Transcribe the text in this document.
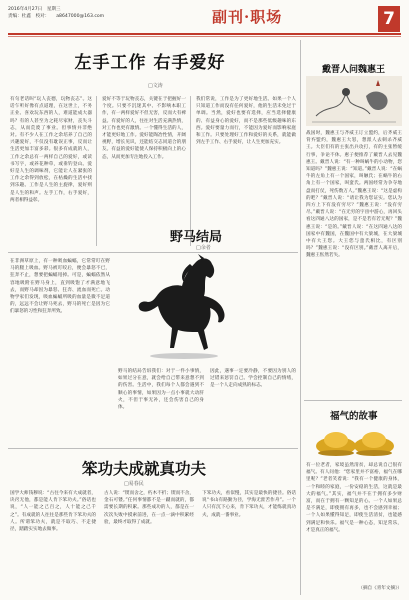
2016年4月27日　星期三
责编：杜鑫　校对：　　a8647000@163.com	副刊·职场	7
左手工作 右手爱好
□文涛
有句老话叫“玩人丧德，玩物丧志”。这话乍听好像有点道理，在这世上，不务正业、喜欢玩东西的人，难道能成大器吗？有的人甚至为之耗尽家财，丧失斗志，从而荒废了事业。但事情并非绝对。有不少人在工作之余培养了自己的兴趣爱好，不仅没有耽误正事，反而让生活更加丰富多彩。很多有成就的人，工作之余总有一两样自己的爱好，或读书写字，或养花种草，或垂钓登山。爱好是人生的调味剂，它能让人在紧张的工作之余得到放松，在枯燥的生活中找到乐趣。工作是人生的主旋律，爱好则是人生的和声。左手工作，右手爱好，两者相得益彰。
爱好不等于玩物丧志，关键在于把握好一个度。只要不沉迷其中、不影响本职工作，有一两样爱好不但无害，反而大有裨益。有爱好的人，往往对生活充满热情，对工作也更有激情。一个懂得生活的人，才能更好地工作。爱好能陶冶性情，开阔视野，增长见识，还能结交志同道合的朋友。有益的爱好能使人保持积极向上的心态，从而更加专注地投入工作。
我们常说，工作是为了更好地生活。如果一个人只知道工作而没有任何爱好，他的生活未免过于单调。当然，爱好也要有选择，应当选择健康的、有益身心的爱好，而不是那些低级趣味的东西。爱好要量力而行，不能因为爱好而影响家庭和工作。只要处理好工作和爱好的关系，就能做到左手工作、右手爱好，让人生更加充实。
在非洲草原上，有一种吸血蝙蝠，它常常叮在野马的腿上吸血。野马被叮咬后，便会暴怒不已，狂奔不止，想要把蝙蝠甩掉。可是，蝙蝠依然从容地吸附在野马身上，直到吸饱了才满意地飞去，而野马却因为暴怒、狂奔、流血而死亡。动物学家们发现，吸血蝙蝠所吸的血量是微不足道的，远远不会让野马死去，野马的死亡是因为它们暴怒的习性和狂奔所致。
野马结局
□余者
野马的结局告诉我们：对于一件小事情，如果过分在意，就会给自己带来意想不到的伤害。生活中，我们每个人都会遇到不顺心的事情，如果因为一点小事就大动肝火，不但于事无补，还会伤害自己的身体。
因此，遇事一定要冷静，不要因为别人的过错来惩罚自己。学会控制自己的情绪，是一个人走向成熟的标志。
笨功夫成就真功夫
□易春民
国学大师钱穆说：“古往今来有大成就者，诀窍无他，都是能人肯下笨功夫。”俗话也说，“人一能之己百之，人十能之己千之”。有成就的人往往是那些肯下笨功夫的人。所谓笨功夫，就是不取巧、不走捷径，踏踏实实地去做事。
古人说：“锲而舍之，朽木不折；锲而不舍，金石可镂。”任何事情都不是一蹴而就的，都需要长期的积累。那些成功的人，都是在一次次失败中摸索前进，在一点一滴中积累经验，最终才取得了成就。
下笨功夫，看似慢，其实是最快的捷径。俗话说“书山有路勤为径，学海无涯苦作舟”。一个人只有沉下心来，肯下笨功夫，才能练就真功夫，成就一番事业。
戴晋人问魏惠王
战国时，魏惠王与齐威王订立盟约，后齐威王背弃盟约，魏惠王大怒，想派人去刺杀齐威王。大臣们有的主张出兵攻打，有的主张暂缓行事，争论不休。惠子便推荐了戴晋人去见魏惠王。戴晋人说：“有一种叫蜗牛的小动物，您知道吗？”魏惠王说：“知道。”戴晋人说：“在蜗牛的左角上有一个国家，叫触氏；在蜗牛的右角上有一个国家，叫蛮氏。两国经常为争夺地盘而打仗，死伤数万人。”魏惠王说：“这是虚构的吧？”戴晋人说：“请让我为您证实。您认为四方上下有没有穷尽？”魏惠王说：“没有穷尽。”戴晋人说：“在无穷的宇宙中游心，再回头看这四通八达的国家，是不是若有若无呢？”魏惠王说：“是的。”戴晋人说：“在这四通八达的国家中有魏国，在魏国中有大梁城，在大梁城中有大王您。大王您与蛮氏相比，有区别吗？”魏惠王说：“没有区别。”戴晋人离开后，魏惠王怅然若失。
福气的故事
有一位老者，家境虽然清贫，却总说自己很有福气。有人问他：“您家里并不富裕，福气在哪里呢？”老者笑着说：“我有一个健康的身体，一个和睦的家庭，一份安稳的生活，这就是最大的福气。”其实，福气并不在于拥有多少财富，而在于拥有一颗知足的心。一个人如果总是不满足，即使拥有再多，也不会感到幸福；一个人如果懂得知足，即使生活清贫，也能感到满足和快乐。福气是一种心态，知足常乐，才是真正的福气。
（摘自《青年文摘》）
